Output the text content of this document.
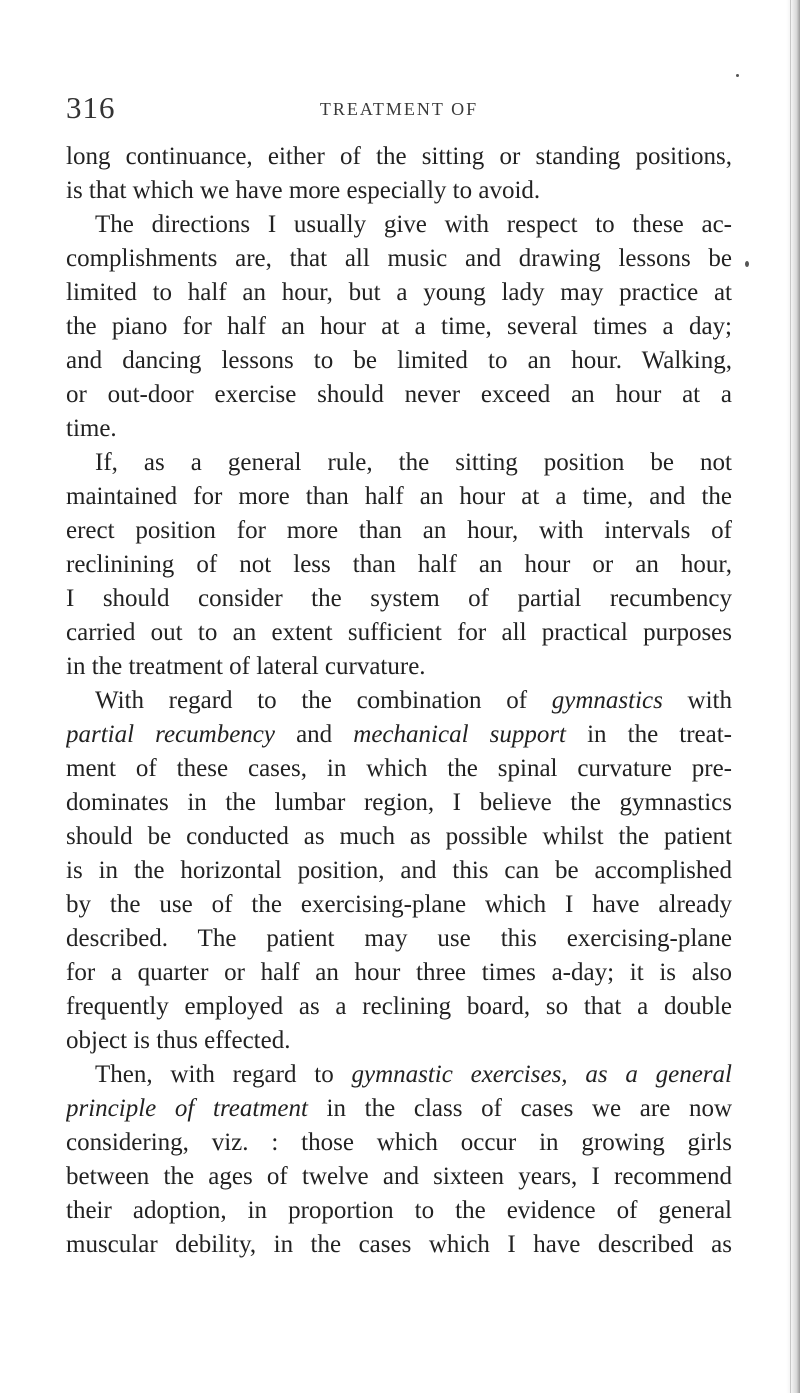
316	TREATMENT OF
long continuance, either of the sitting or standing positions,
is that which we have more especially to avoid.
The directions I usually give with respect to these ac-
complishments are, that all music and drawing lessons be
limited to half an hour, but a young lady may practice at
the piano for half an hour at a time, several times a day;
and dancing lessons to be limited to an hour. Walking,
or out-door exercise should never exceed an hour at a
time.
If, as a general rule, the sitting position be not
maintained for more than half an hour at a time, and the
erect position for more than an hour, with intervals of
reclinining of not less than half an hour or an hour,
I should consider the system of partial recumbency
carried out to an extent sufficient for all practical purposes
in the treatment of lateral curvature.
With regard to the combination of gymnastics with
partial recumbency and mechanical support in the treat-
ment of these cases, in which the spinal curvature pre-
dominates in the lumbar region, I believe the gymnastics
should be conducted as much as possible whilst the patient
is in the horizontal position, and this can be accomplished
by the use of the exercising-plane which I have already
described. The patient may use this exercising-plane
for a quarter or half an hour three times a-day; it is also
frequently employed as a reclining board, so that a double
object is thus effected.
Then, with regard to gymnastic exercises, as a general
principle of treatment in the class of cases we are now
considering, viz. : those which occur in growing girls
between the ages of twelve and sixteen years, I recommend
their adoption, in proportion to the evidence of general
muscular debility, in the cases which I have described as
